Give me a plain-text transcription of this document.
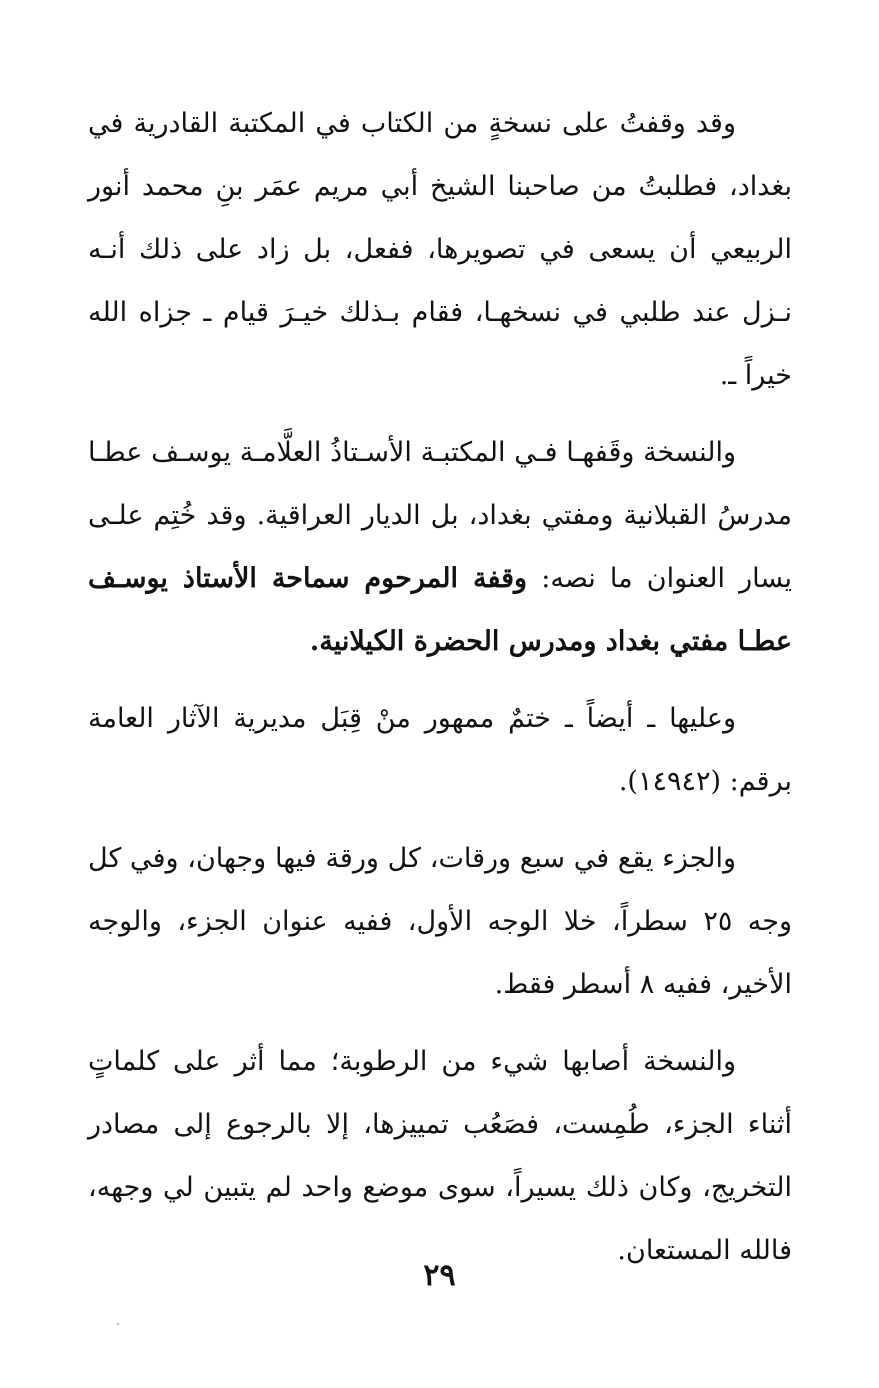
وقد وقفتُ على نسخةٍ من الكتاب في المكتبة القادرية في بغداد، فطلبتُ من صاحبنا الشيخ أبي مريم عمَر بنِ محمد أنور الربيعي أن يسعى في تصويرها، ففعل، بل زاد على ذلك أنـه نـزل عند طلبي في نسخهـا، فقام بـذلك خيـرَ قيام ـ جزاه الله خيراً ـ.
والنسخة وقَفهـا فـي المكتبـة الأسـتاذُ العلَّامـة يوسـف عطـا مدرسُ القبلانية ومفتي بغداد، بل الديار العراقية. وقد خُتِم علـى يسار العنوان ما نصه: وقفة المرحوم سماحة الأستاذ يوسـف عطـا مفتي بغداد ومدرس الحضرة الكيلانية.
وعليها ـ أيضاً ـ ختمٌ ممهور منْ قِبَل مديرية الآثار العامة برقم: (١٤٩٤٢).
والجزء يقع في سبع ورقات، كل ورقة فيها وجهان، وفي كل وجه ٢٥ سطراً، خلا الوجه الأول، ففيه عنوان الجزء، والوجه الأخير، ففيه ٨ أسطر فقط.
والنسخة أصابها شيء من الرطوبة؛ مما أثر على كلماتٍ أثناء الجزء، طُمِست، فصَعُب تمييزها، إلا بالرجوع إلى مصادر التخريج، وكان ذلك يسيراً، سوى موضع واحد لم يتبين لي وجهه، فالله المستعان.
٢٩
